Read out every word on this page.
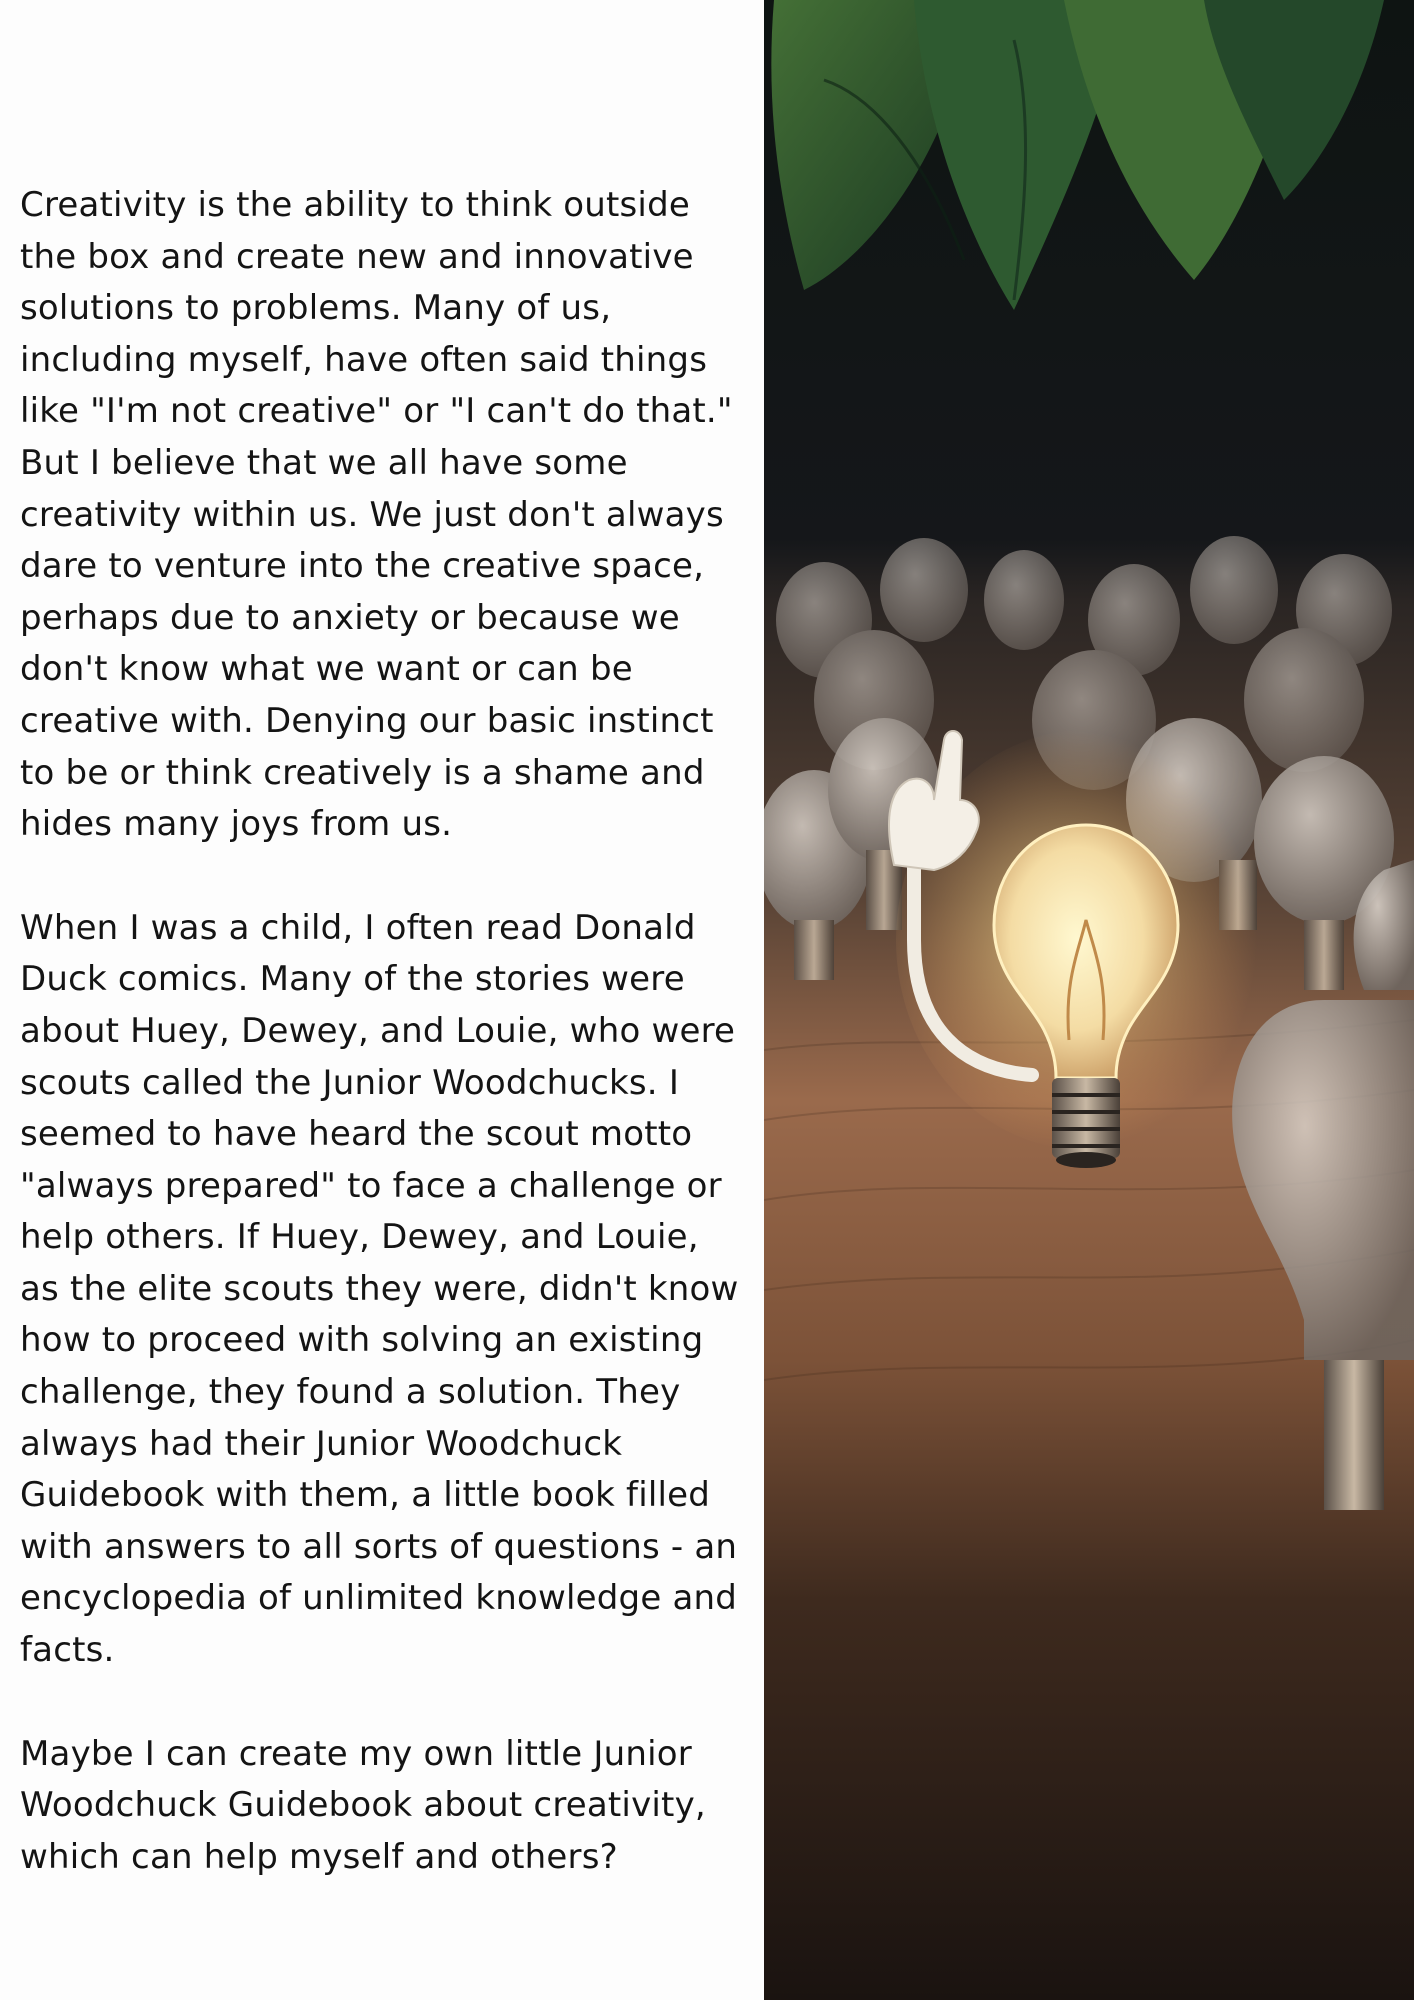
Creativity is the ability to think outside the box and create new and innovative solutions to problems. Many of us, including myself, have often said things like "I'm not creative" or "I can't do that." But I believe that we all have some creativity within us. We just don't always dare to venture into the creative space, perhaps due to anxiety or because we don't know what we want or can be creative with. Denying our basic instinct to be or think creatively is a shame and hides many joys from us.

When I was a child, I often read Donald Duck comics. Many of the stories were about Huey, Dewey, and Louie, who were scouts called the Junior Woodchucks. I seemed to have heard the scout motto "always prepared" to face a challenge or help others. If Huey, Dewey, and Louie, as the elite scouts they were, didn't know how to proceed with solving an existing challenge, they found a solution. They always had their Junior Woodchuck Guidebook with them, a little book filled with answers to all sorts of questions - an encyclopedia of unlimited knowledge and facts.

Maybe I can create my own little Junior Woodchuck Guidebook about creativity, which can help myself and others?
